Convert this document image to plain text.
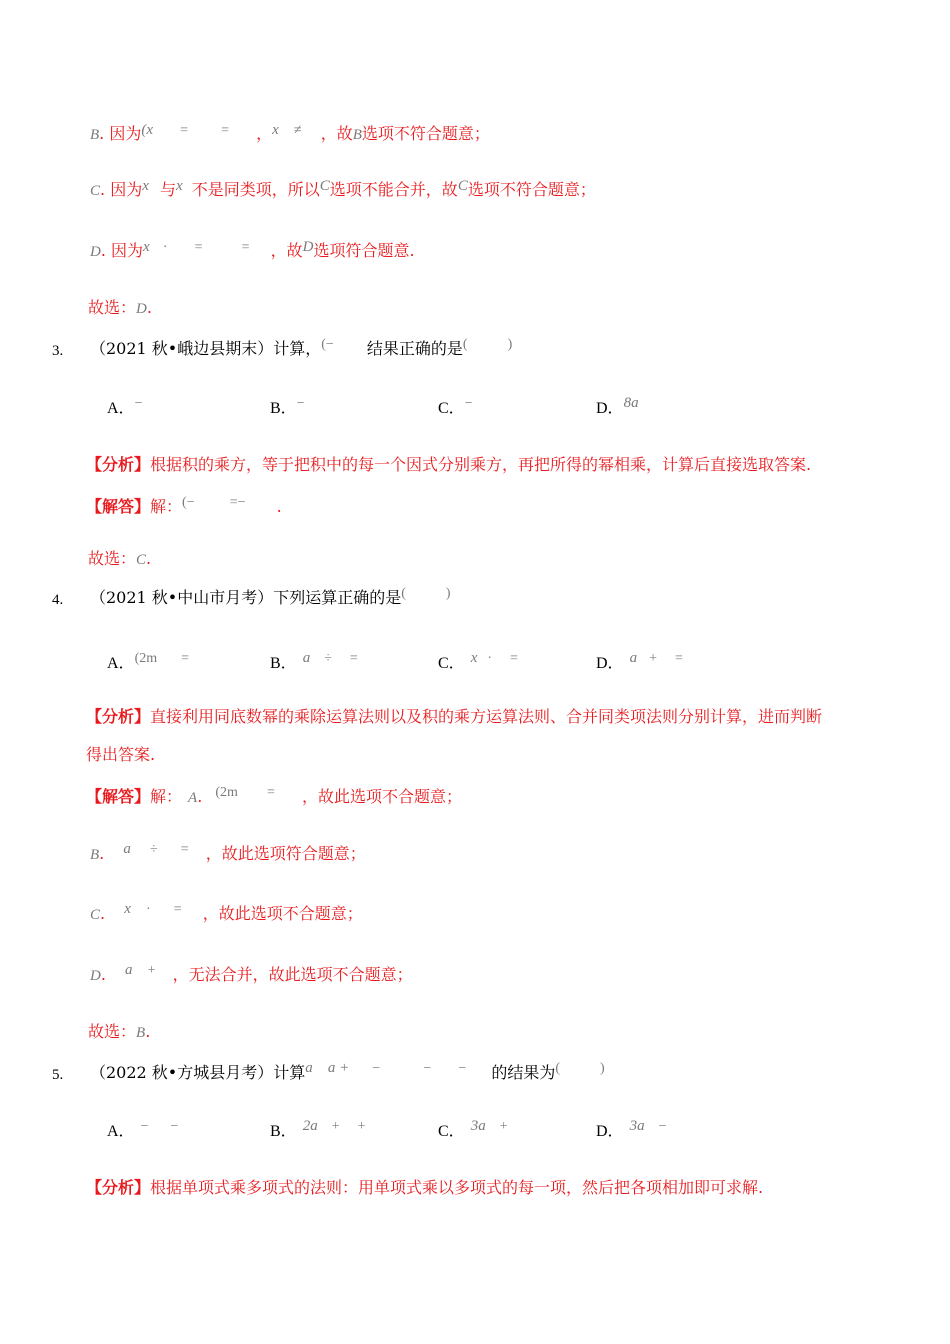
B. 因为(x = = ，x ≠ ，故B选项不符合题意；
C. 因为x 与x 不是同类项，所以C选项不能合并，故C选项不符合题意；
D. 因为x · =	= ，故D选项符合题意.
故选：D.
3. （2021 秋•峨边县期末）计算，(− 结果正确的是(	)
A．−	B．−	C．−	D．8a
【分析】根据积的乘方，等于把积中的每一个因式分别乘方，再把所得的幂相乘，计算后直接选取答案.
【解答】解：(−	=− .
故选：C.
4. （2021 秋•中山市月考）下列运算正确的是(	)
A．(2m =	B． a ÷ =	C． x · =	D． a + =
【分析】直接利用同底数幂的乘除运算法则以及积的乘方运算法则、合并同类项法则分别计算，进而判断
得出答案.
【解答】解： A. (2m = ，故此选项不合题意；
B. a ÷ = ，故此选项符合题意；
C. x · = ，故此选项不合题意；
D. a + ，无法合并，故此选项不合题意；
故选：B.
5. （2022 秋•方城县月考）计算a a + −	− − 的结果为(	)
A． − −	B． 2a + +	C． 3a +	D． 3a −
【分析】根据单项式乘多项式的法则：用单项式乘以多项式的每一项，然后把各项相加即可求解.
